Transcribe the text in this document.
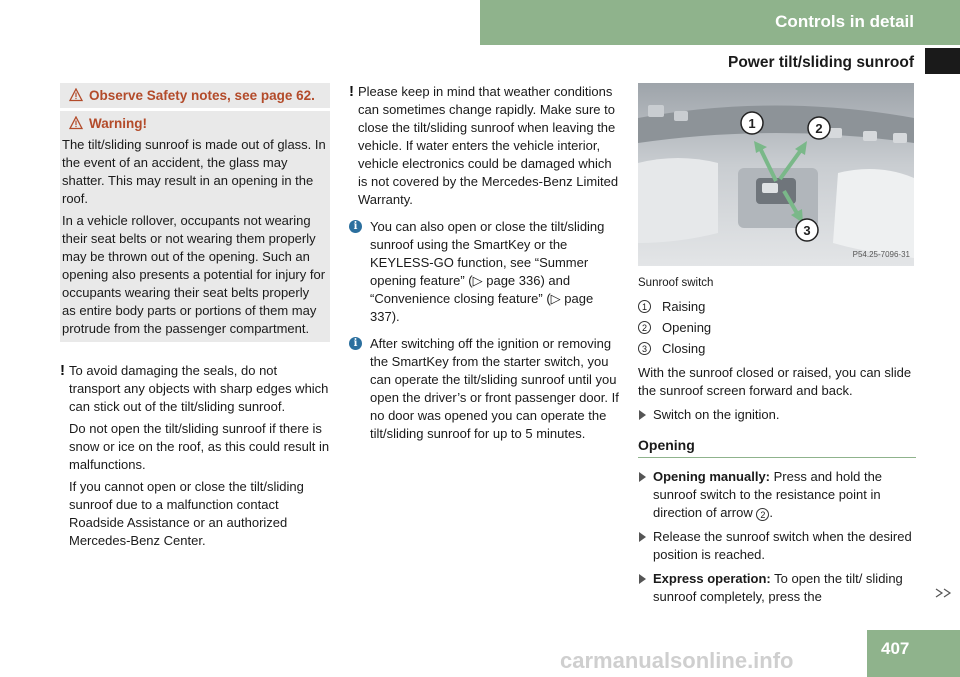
Controls in detail
Power tilt/sliding sunroof
Observe Safety notes, see page 62.
Warning!

The tilt/sliding sunroof is made out of glass. In the event of an accident, the glass may shatter. This may result in an opening in the roof.

In a vehicle rollover, occupants not wearing their seat belts or not wearing them properly may be thrown out of the opening. Such an opening also presents a potential for injury for occupants wearing their seat belts properly as entire body parts or portions of them may protrude from the passenger compartment.

! To avoid damaging the seals, do not transport any objects with sharp edges which can stick out of the tilt/sliding sunroof.

Do not open the tilt/sliding sunroof if there is snow or ice on the roof, as this could result in malfunctions.

If you cannot open or close the tilt/sliding sunroof due to a malfunction contact Roadside Assistance or an authorized Mercedes-Benz Center.

! Please keep in mind that weather conditions can sometimes change rapidly. Make sure to close the tilt/sliding sunroof when leaving the vehicle. If water enters the vehicle interior, vehicle electronics could be damaged which is not covered by the Mercedes-Benz Limited Warranty.

i You can also open or close the tilt/sliding sunroof using the SmartKey or the KEYLESS-GO function, see “Summer opening feature” (▷ page 336) and “Convenience closing feature” (▷ page 337).

i After switching off the ignition or removing the SmartKey from the starter switch, you can operate the tilt/sliding sunroof until you open the driver’s or front passenger door. If no door was opened you can operate the tilt/sliding sunroof for up to 5 minutes.

1	2
3
P54.25-7096-31
Sunroof switch
1	Raising
2	Opening
3	Closing

With the sunroof closed or raised, you can slide the sunroof screen forward and back.

Switch on the ignition.
Opening
Opening manually: Press and hold the sunroof switch to the resistance point in direction of arrow 2 .
Release the sunroof switch when the desired position is reached.
Express operation: To open the tilt/ sliding sunroof completely, press the
carmanualsonline.info	407
